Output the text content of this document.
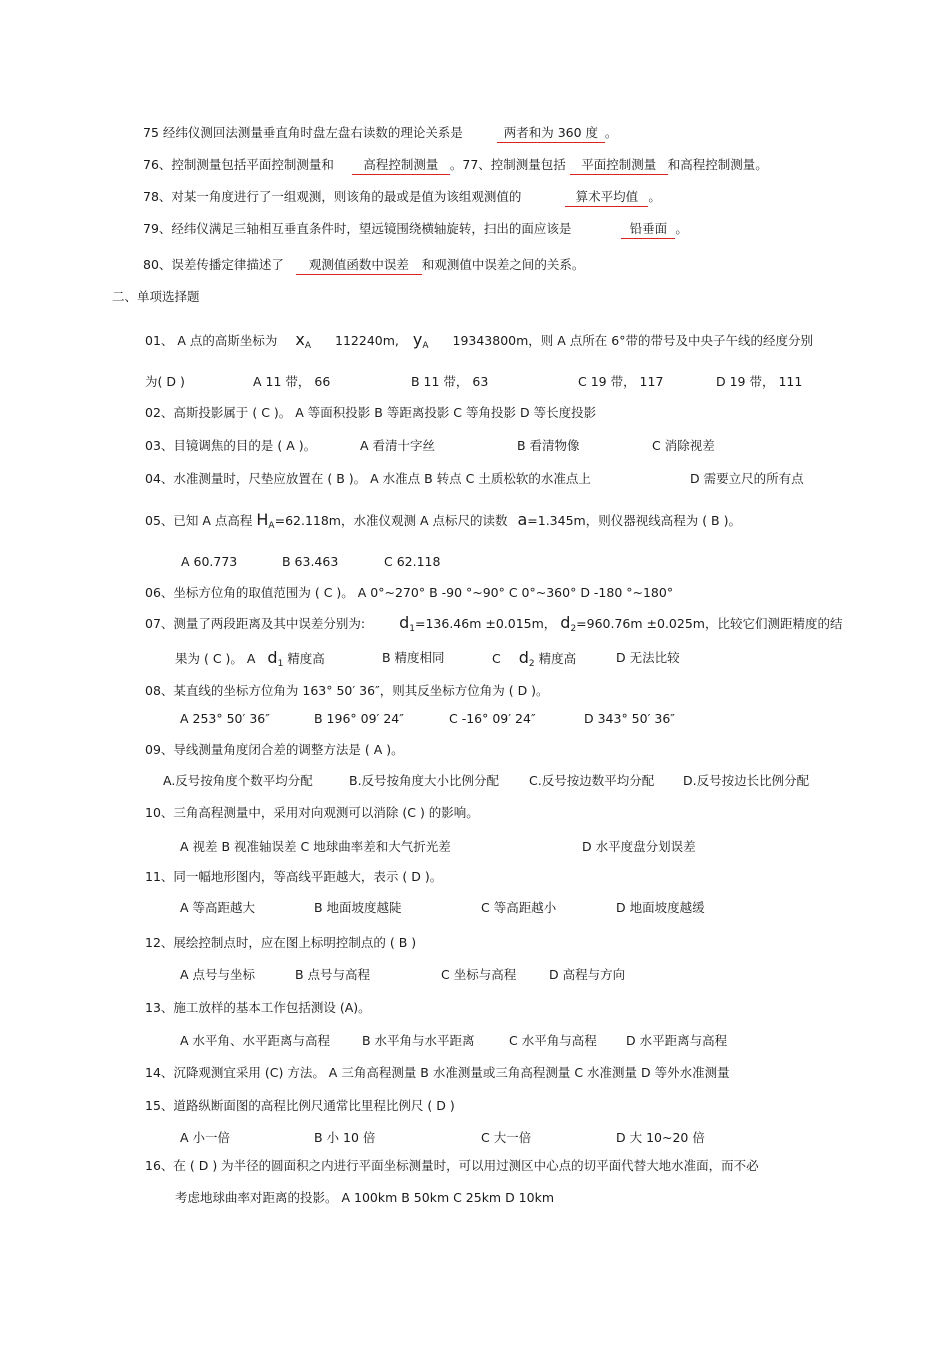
75 经纬仪测回法测量垂直角时盘左盘右读数的理论关系是	两者和为 360 度 。
76、控制测量包括平面控制测量和 高程控制测量 。77、控制测量包括 平面控制测量 和高程控制测量。
78、对某一角度进行了一组观测，则该角的最或是值为该组观测值的	算术平均值 。
79、经纬仪满足三轴相互垂直条件时，望远镜围绕横轴旋转，扫出的面应该是	铅垂面 。
80、误差传播定律描述了 观测值函数中误差 和观测值中误差之间的关系。
二、单项选择题
01、 A 点的高斯坐标为 $x_A$ 112240m, $y_A$ 19343800m，则 A 点所在 6°带的带号及中央子午线的经度分别
为( D )	A 11 带， 66	B 11 带， 63	C 19 带， 117	D 19 带， 111
02、高斯投影属于 ( C )。 A 等面积投影 B 等距离投影 C 等角投影 D 等长度投影
03、目镜调焦的目的是 ( A )。	A 看清十字丝	B 看清物像	C 消除视差
04、水准测量时，尺垫应放置在 ( B )。 A 水准点 B 转点 C 土质松软的水准点上	D 需要立尺的所有点
05、已知 A 点高程 $H_A=62.118m$，水准仪观测 A 点标尺的读数 a=1.345m，则仪器视线高程为 ( B )。
A 60.773	B 63.463	C 62.118
06、坐标方位角的取值范围为 ( C )。 A 0°~270° B -90 °~90° C 0°~360° D -180 °~180°
07、测量了两段距离及其中误差分别为: $d_1=136.46m \pm 0.015m$， $d_2=960.76m \pm 0.025m$，比较它们测距精度的结
果为 ( C )。 A $d_1$ 精度高	B 精度相同	C $d_2$ 精度高	D 无法比较
08、某直线的坐标方位角为 163° 50′ 36″，则其反坐标方位角为 ( D )。
A 253° 50′ 36″	B 196° 09′ 24″	C -16° 09′ 24″	D 343° 50′ 36″
09、导线测量角度闭合差的调整方法是 ( A )。
A.反号按角度个数平均分配	B.反号按角度大小比例分配 C.反号按边数平均分配 D.反号按边长比例分配
10、三角高程测量中，采用对向观测可以消除 (C ) 的影响。
A 视差 B 视准轴误差 C 地球曲率差和大气折光差	D 水平度盘分划误差
11、同一幅地形图内，等高线平距越大，表示 ( D )。
A 等高距越大	B 地面坡度越陡	C 等高距越小	D 地面坡度越缓
12、展绘控制点时，应在图上标明控制点的 ( B )
A 点号与坐标	B 点号与高程	C 坐标与高程	D 高程与方向
13、施工放样的基本工作包括测设 (A)。
A 水平角、水平距离与高程	B 水平角与水平距离	C 水平角与高程 D 水平距离与高程
14、沉降观测宜采用 (C) 方法。 A 三角高程测量 B 水准测量或三角高程测量 C 水准测量 D 等外水准测量
15、道路纵断面图的高程比例尺通常比里程比例尺 ( D )
A 小一倍	B 小 10 倍	C 大一倍	D 大 10~20 倍
16、在 ( D ) 为半径的圆面积之内进行平面坐标测量时，可以用过测区中心点的切平面代替大地水准面，而不必
考虑地球曲率对距离的投影。 A 100km B 50km C 25km D 10km
